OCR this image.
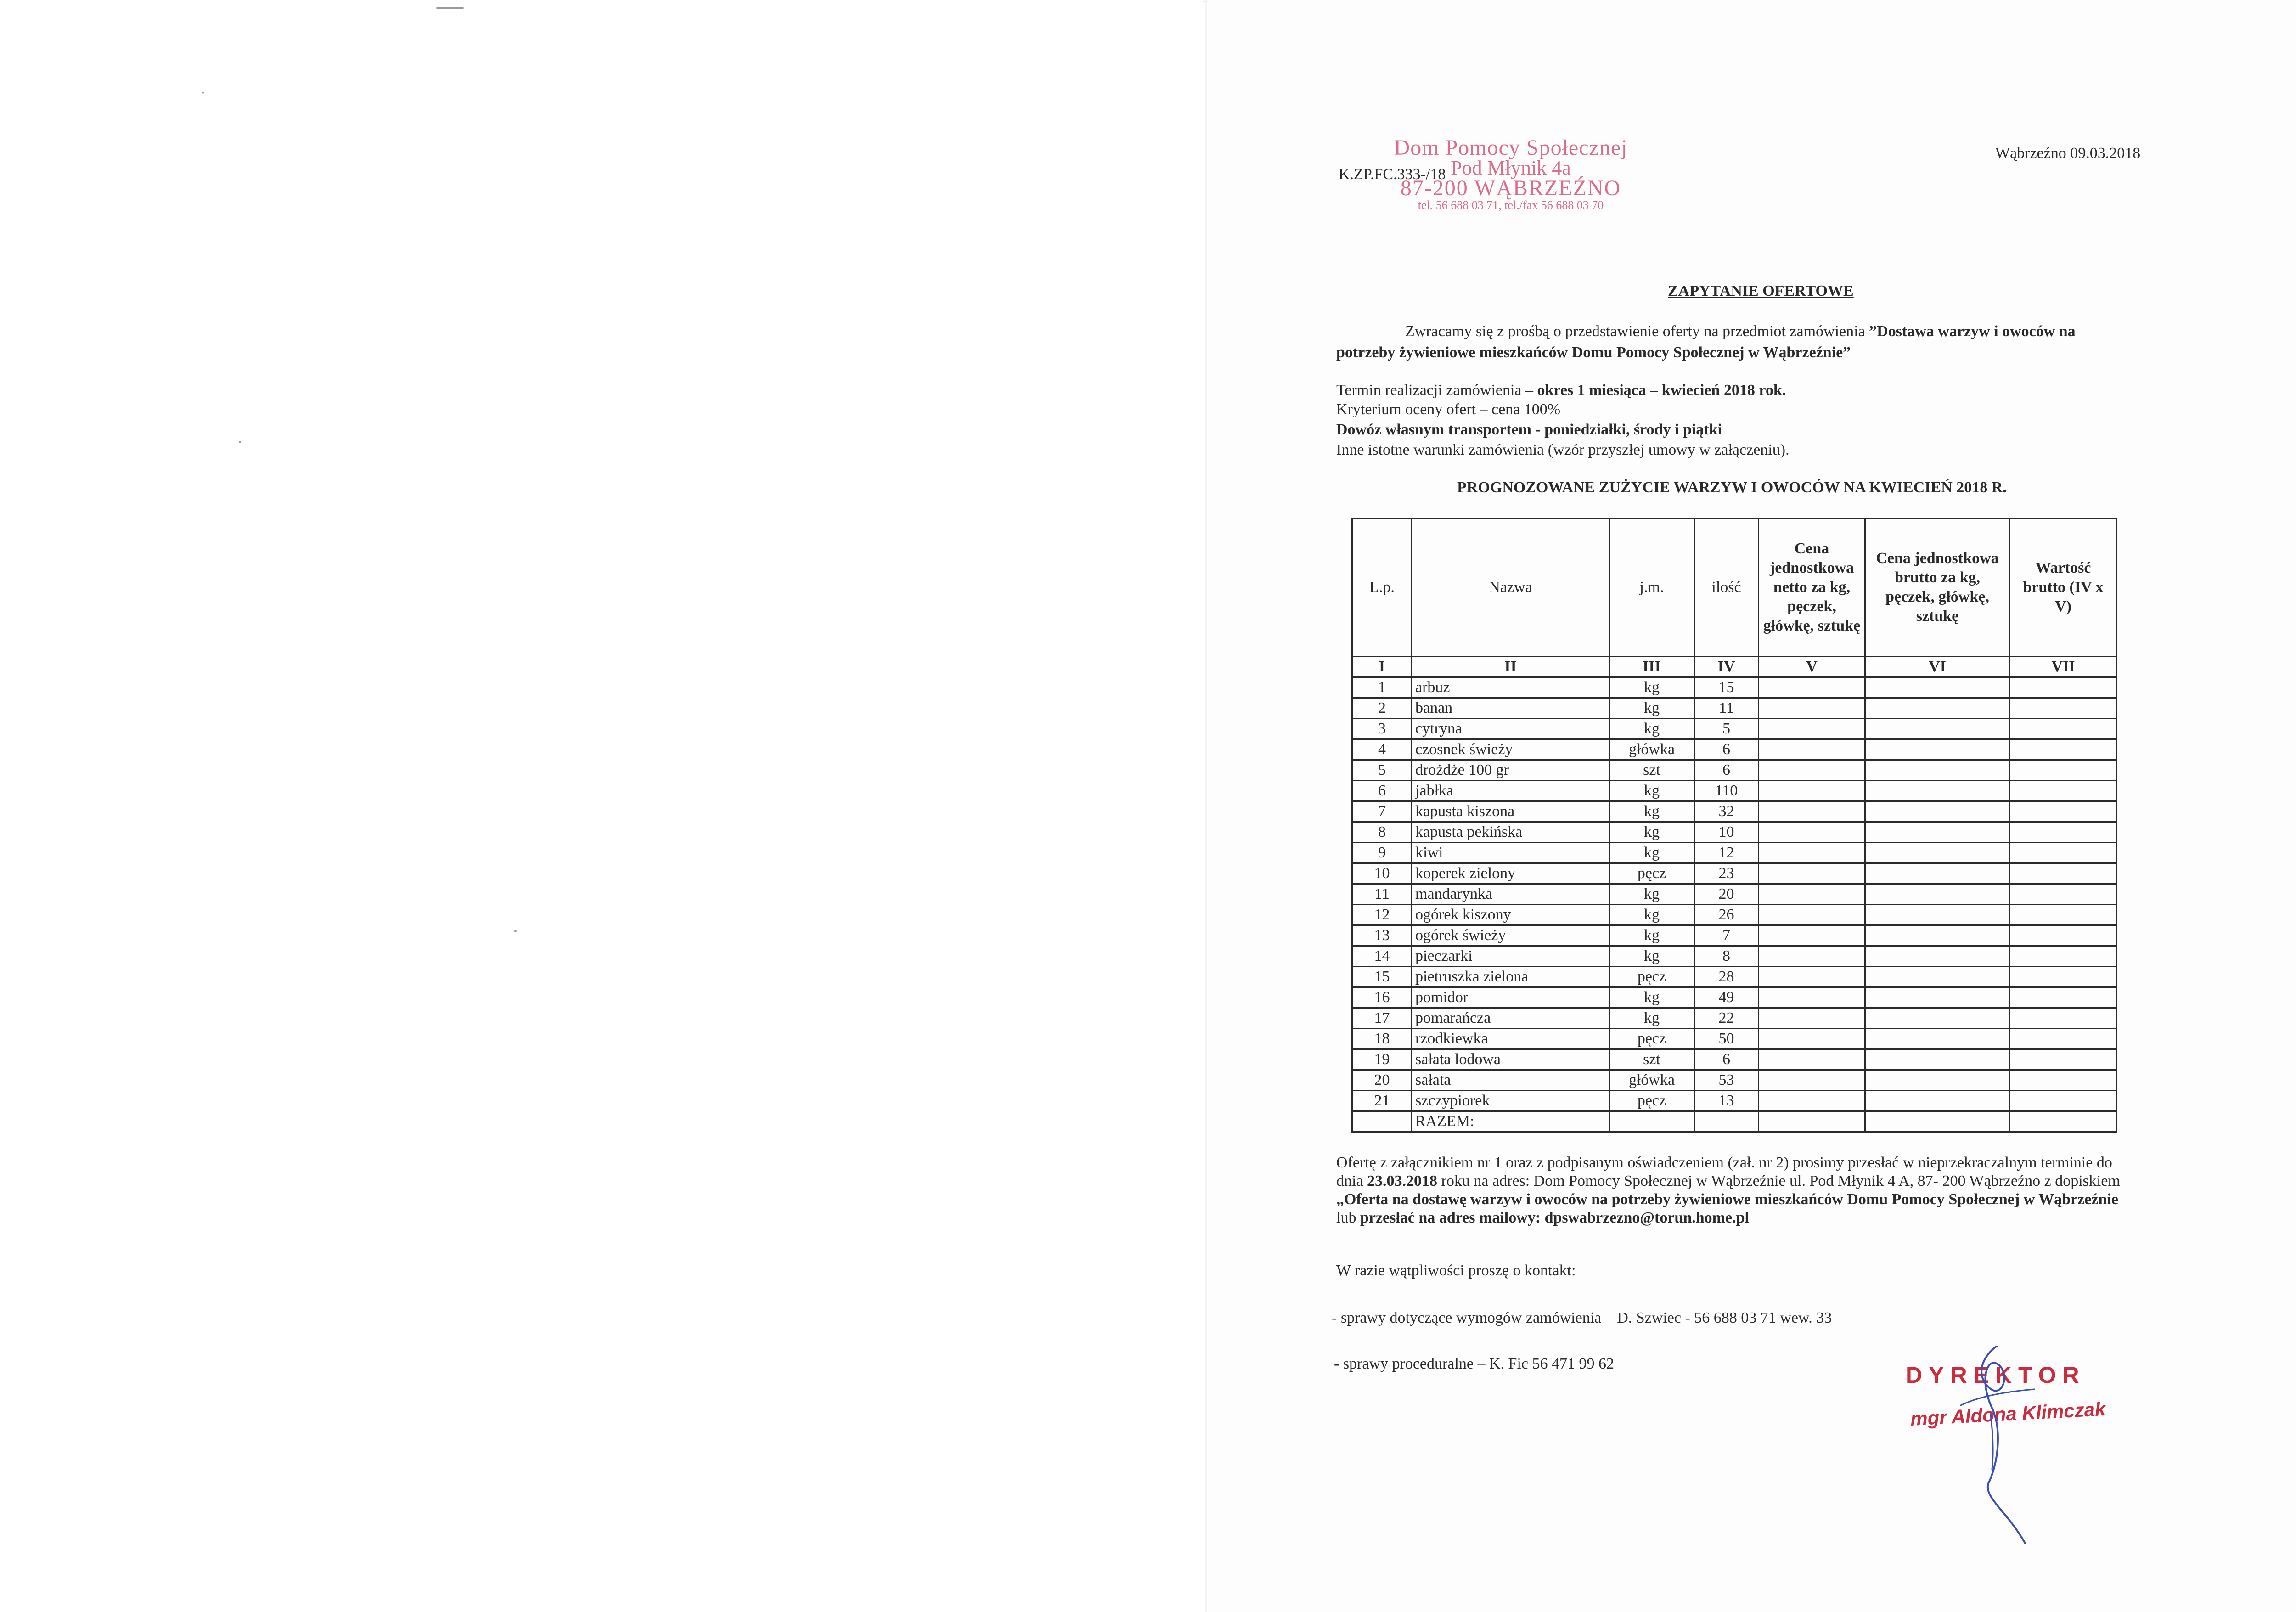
K.ZP.FC.333-/18
Wąbrzeźno 09.03.2018
Dom Pomocy Społecznej
Pod Młynik 4a
87-200 WĄBRZEŹNO
tel. 56 688 03 71, tel./fax 56 688 03 70
ZAPYTANIE OFERTOWE
Zwracamy się z prośbą o przedstawienie oferty na przedmiot zamówienia ”Dostawa warzyw i owoców na
potrzeby żywieniowe mieszkańców Domu Pomocy Społecznej w Wąbrzeźnie”
Termin realizacji zamówienia – okres 1 miesiąca – kwiecień 2018 rok.
Kryterium oceny ofert – cena 100%
Dowóz własnym transportem - poniedziałki, środy i piątki
Inne istotne warunki zamówienia (wzór przyszłej umowy w załączeniu).
PROGNOZOWANE ZUŻYCIE WARZYW I OWOCÓW NA KWIECIEŃ 2018 R.
L.p.	Nazwa	j.m.	ilość	Cena jednostkowa netto za kg, pęczek, główkę, sztukę	Cena jednostkowa brutto za kg, pęczek, główkę, sztukę	Wartość brutto (IV x V)
I	II	III	IV	V	VI	VII
1	arbuz	kg	15			
2	banan	kg	11			
3	cytryna	kg	5			
4	czosnek świeży	główka	6			
5	drożdże 100 gr	szt	6			
6	jabłka	kg	110			
7	kapusta kiszona	kg	32			
8	kapusta pekińska	kg	10			
9	kiwi	kg	12			
10	koperek zielony	pęcz	23			
11	mandarynka	kg	20			
12	ogórek kiszony	kg	26			
13	ogórek świeży	kg	7			
14	pieczarki	kg	8			
15	pietruszka zielona	pęcz	28			
16	pomidor	kg	49			
17	pomarańcza	kg	22			
18	rzodkiewka	pęcz	50			
19	sałata lodowa	szt	6			
20	sałata	główka	53			
21	szczypiorek	pęcz	13			
	RAZEM:					
Ofertę z załącznikiem nr 1 oraz z podpisanym oświadczeniem (zał. nr 2) prosimy przesłać w nieprzekraczalnym terminie do
dnia 23.03.2018 roku na adres: Dom Pomocy Społecznej w Wąbrzeźnie ul. Pod Młynik 4 A, 87- 200 Wąbrzeźno z dopiskiem
„Oferta na dostawę warzyw i owoców na potrzeby żywieniowe mieszkańców Domu Pomocy Społecznej w Wąbrzeźnie
lub przesłać na adres mailowy: dpswabrzezno@torun.home.pl
W razie wątpliwości proszę o kontakt:
- sprawy dotyczące wymogów zamówienia – D. Szwiec - 56 688 03 71 wew. 33
- sprawy proceduralne – K. Fic 56 471 99 62	DYREKTOR
mgr Aldona Klimczak
